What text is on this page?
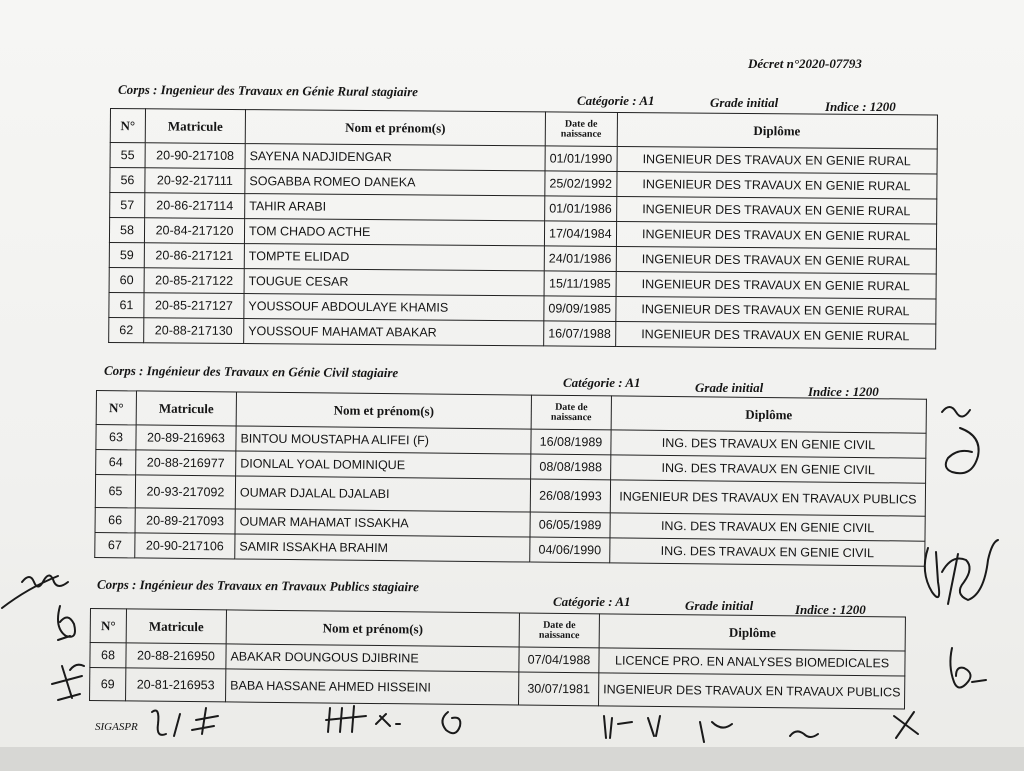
Décret n°2020-07793
Corps : Ingenieur des Travaux en Génie Rural stagiaire
Catégorie : A1	Grade initial	Indice : 1200
N°	Matricule	Nom et prénom(s)	Date de naissance	Diplôme
55	20-90-217108	SAYENA NADJIDENGAR	01/01/1990	INGENIEUR DES TRAVAUX EN GENIE RURAL
56	20-92-217111	SOGABBA ROMEO DANEKA	25/02/1992	INGENIEUR DES TRAVAUX EN GENIE RURAL
57	20-86-217114	TAHIR ARABI	01/01/1986	INGENIEUR DES TRAVAUX EN GENIE RURAL
58	20-84-217120	TOM CHADO ACTHE	17/04/1984	INGENIEUR DES TRAVAUX EN GENIE RURAL
59	20-86-217121	TOMPTE ELIDAD	24/01/1986	INGENIEUR DES TRAVAUX EN GENIE RURAL
60	20-85-217122	TOUGUE CESAR	15/11/1985	INGENIEUR DES TRAVAUX EN GENIE RURAL
61	20-85-217127	YOUSSOUF ABDOULAYE KHAMIS	09/09/1985	INGENIEUR DES TRAVAUX EN GENIE RURAL
62	20-88-217130	YOUSSOUF MAHAMAT ABAKAR	16/07/1988	INGENIEUR DES TRAVAUX EN GENIE RURAL
Corps : Ingénieur des Travaux en Génie Civil stagiaire
Catégorie : A1	Grade initial	Indice : 1200
N°	Matricule	Nom et prénom(s)	Date de naissance	Diplôme
63	20-89-216963	BINTOU MOUSTAPHA ALIFEI (F)	16/08/1989	ING. DES TRAVAUX EN GENIE CIVIL
64	20-88-216977	DIONLAL YOAL DOMINIQUE	08/08/1988	ING. DES TRAVAUX EN GENIE CIVIL
65	20-93-217092	OUMAR DJALAL DJALABI	26/08/1993	INGENIEUR DES TRAVAUX EN TRAVAUX PUBLICS
66	20-89-217093	OUMAR MAHAMAT ISSAKHA	06/05/1989	ING. DES TRAVAUX EN GENIE CIVIL
67	20-90-217106	SAMIR ISSAKHA BRAHIM	04/06/1990	ING. DES TRAVAUX EN GENIE CIVIL
Corps : Ingénieur des Travaux en Travaux Publics stagiaire
Catégorie : A1	Grade initial	Indice : 1200
N°	Matricule	Nom et prénom(s)	Date de naissance	Diplôme
68	20-88-216950	ABAKAR DOUNGOUS DJIBRINE	07/04/1988	LICENCE PRO. EN ANALYSES BIOMEDICALES
69	20-81-216953	BABA HASSANE AHMED HISSEINI	30/07/1981	INGENIEUR DES TRAVAUX EN TRAVAUX PUBLICS
SIGASPR
